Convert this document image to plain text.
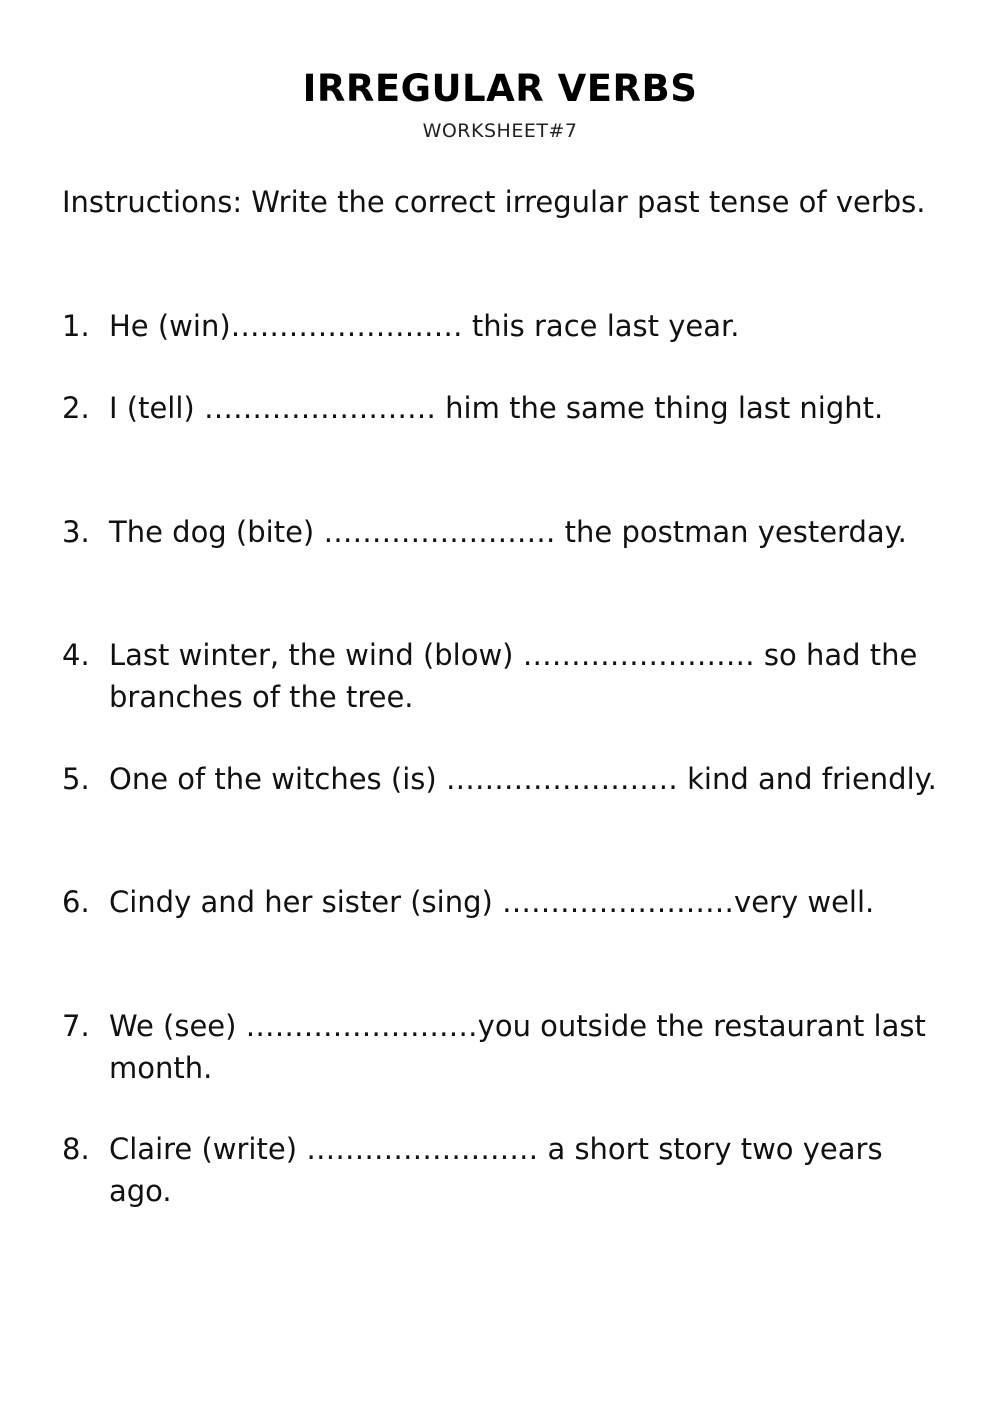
IRREGULAR VERBS
WORKSHEET#7
Instructions: Write the correct irregular past tense of verbs.
1. He (win)…………………… this race last year.
2. I (tell) …………………… him the same thing last night.
3. The dog (bite) …………………… the postman yesterday.
4. Last winter, the wind (blow) …………………… so had the branches of the tree.
5. One of the witches (is) …………………… kind and friendly.
6. Cindy and her sister (sing) ……………………very well.
7. We (see) ……………………you outside the restaurant last month.
8. Claire (write) …………………… a short story two years ago.
